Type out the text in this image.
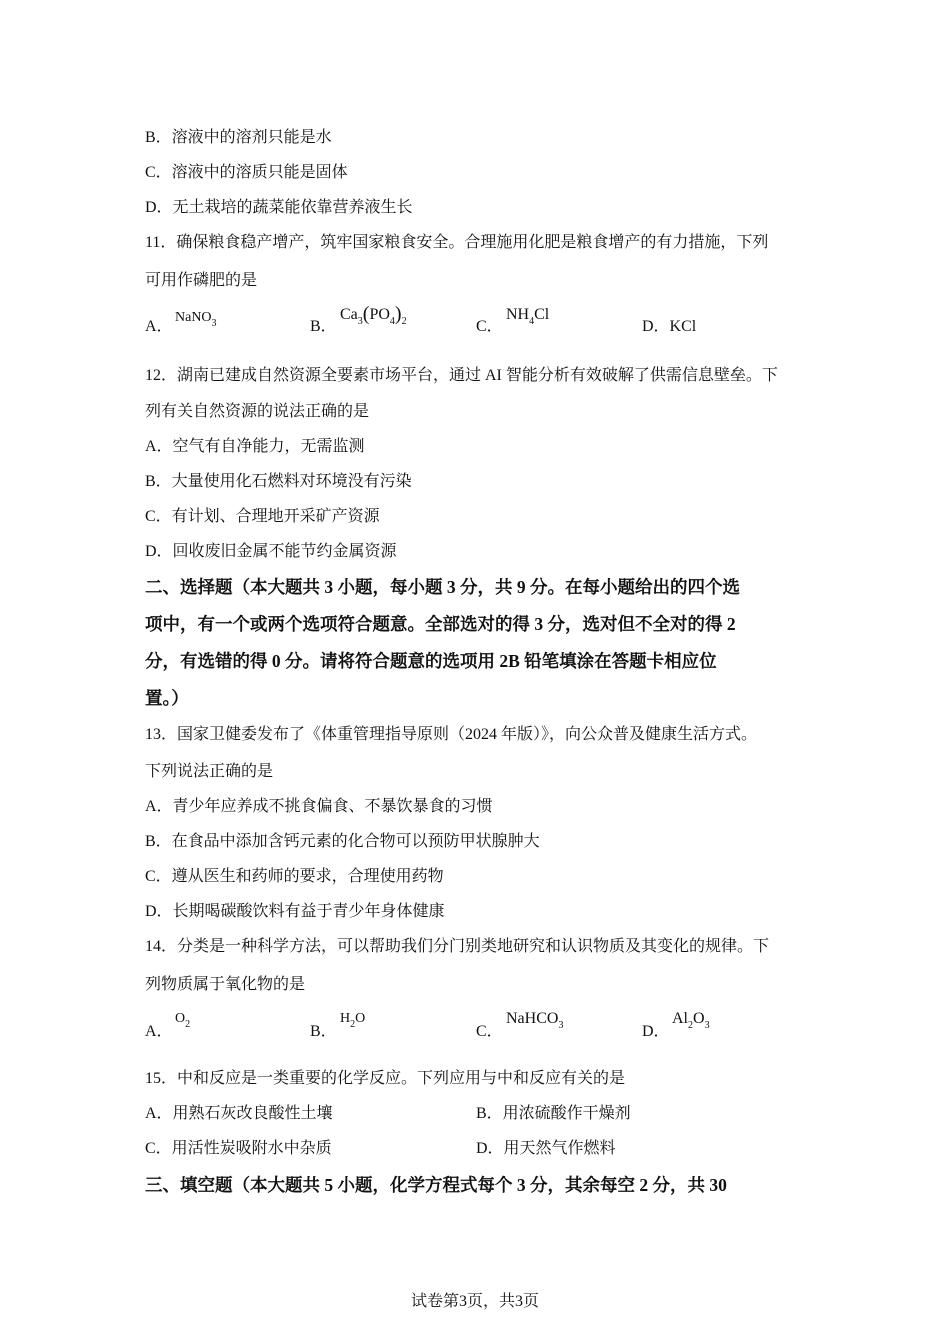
B．溶液中的溶剂只能是水
C．溶液中的溶质只能是固体
D．无土栽培的蔬菜能依靠营养液生长
11．确保粮食稳产增产，筑牢国家粮食安全。合理施用化肥是粮食增产的有力措施，下列
可用作磷肥的是
A．
NaNO$_3$	B．
$Ca_3(PO_4)_2$	C．
$NH_4Cl$
D．KCl
12．湖南已建成自然资源全要素市场平台，通过 AI 智能分析有效破解了供需信息壁垒。下
列有关自然资源的说法正确的是
A．空气有自净能力，无需监测
B．大量使用化石燃料对环境没有污染
C．有计划、合理地开采矿产资源
D．回收废旧金属不能节约金属资源
二、选择题（本大题共 3 小题，每小题 3 分，共 9 分。在每小题给出的四个选
项中，有一个或两个选项符合题意。全部选对的得 3 分，选对但不全对的得 2
分，有选错的得 0 分。请将符合题意的选项用 2B 铅笔填涂在答题卡相应位
置。）
13．国家卫健委发布了《体重管理指导原则（2024 年版）》，向公众普及健康生活方式。
下列说法正确的是
A．青少年应养成不挑食偏食、不暴饮暴食的习惯
B．在食品中添加含钙元素的化合物可以预防甲状腺肿大
C．遵从医生和药师的要求，合理使用药物
D．长期喝碳酸饮料有益于青少年身体健康
14．分类是一种科学方法，可以帮助我们分门别类地研究和认识物质及其变化的规律。下
列物质属于氧化物的是
A．
$O_2$	B．
$H_2O$
C．
NaHCO$_3$	D．
$Al_2O_3$
15．中和反应是一类重要的化学反应。下列应用与中和反应有关的是
A．用熟石灰改良酸性土壤	B．用浓硫酸作干燥剂
C．用活性炭吸附水中杂质	D．用天然气作燃料
三、填空题（本大题共 5 小题，化学方程式每个 3 分，其余每空 2 分，共 30
试卷第3页，共3页
